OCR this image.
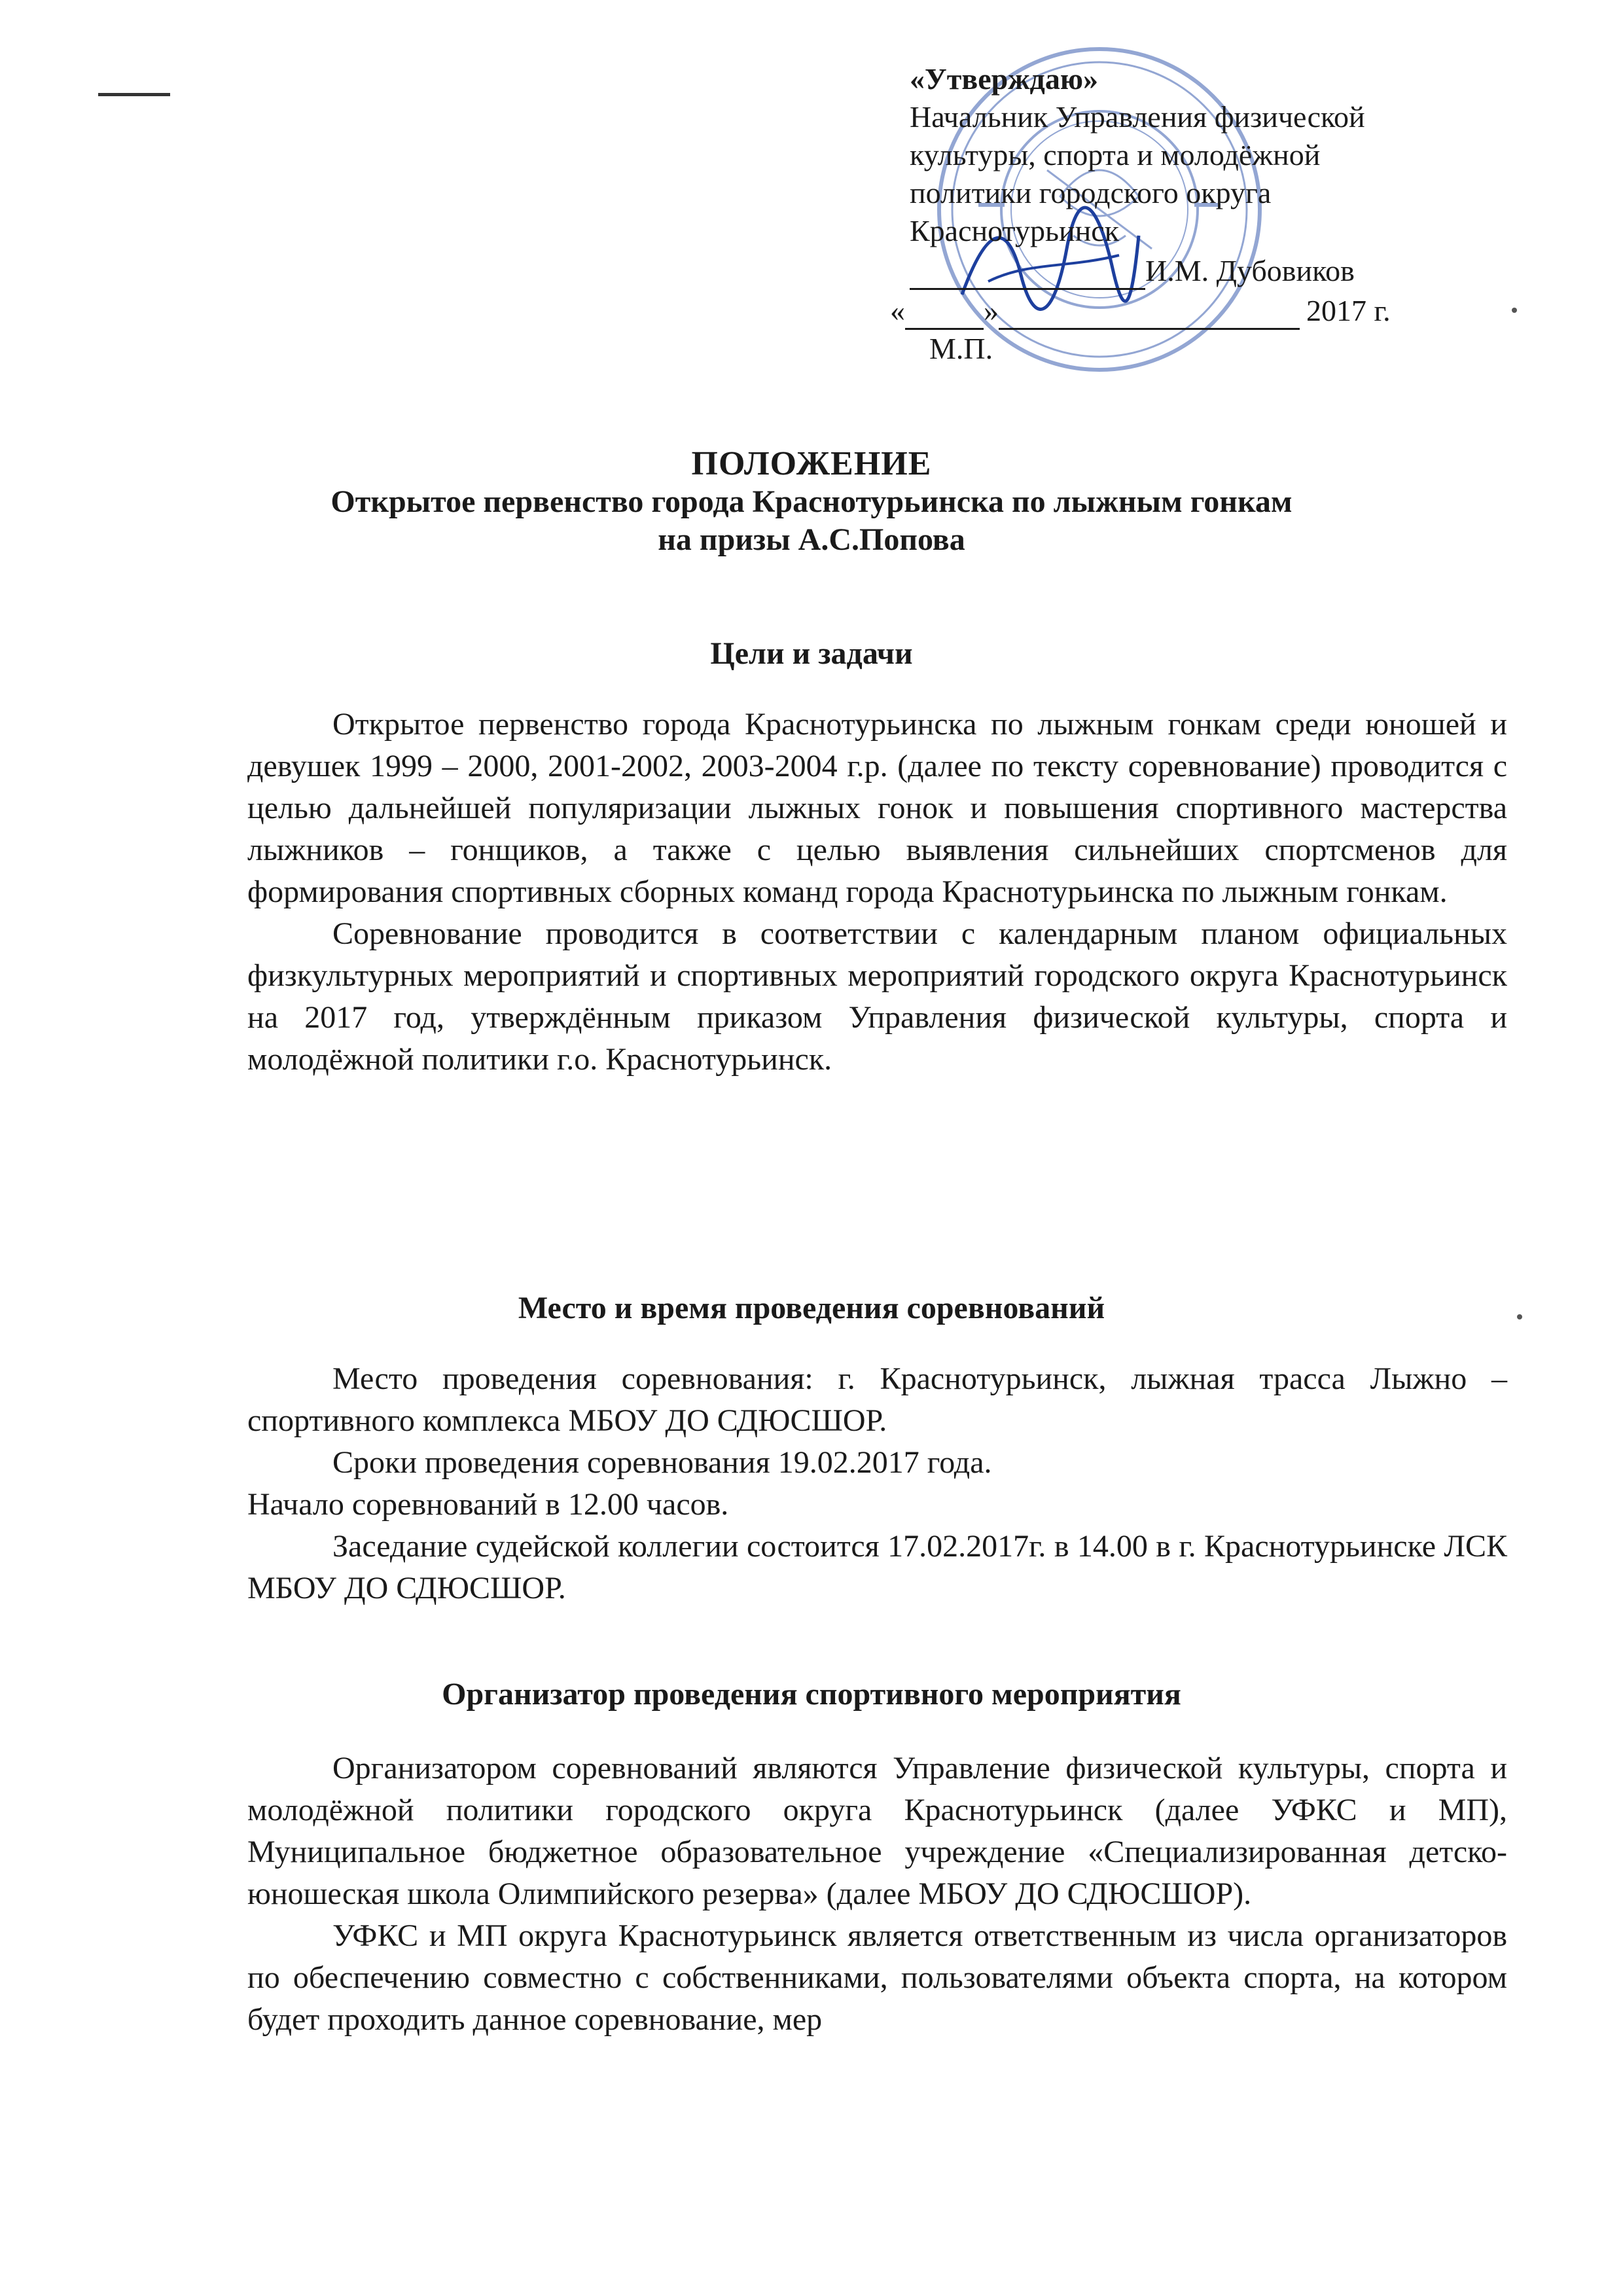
«Утверждаю»
Начальник Управления физической
культуры, спорта и молодёжной
политики городского округа
Краснотурьинск

И.М. Дубовиков
«
	»
	2017 г.
М.П.
ПОЛОЖЕНИЕ
Открытое первенство города Краснотурьинска по лыжным гонкам
на призы А.С.Попова
Цели и задачи

Открытое первенство города Краснотурьинска по лыжным гонкам среди юношей и девушек 1999 – 2000, 2001-2002, 2003-2004 г.р. (далее по тексту соревнование) проводится с целью дальнейшей популяризации лыжных гонок и повышения спортивного мастерства лыжников – гонщиков, а также с целью выявления сильнейших спортсменов для формирования спортивных сборных команд города Краснотурьинска по лыжным гонкам.

Соревнование проводится в соответствии с календарным планом официальных физкультурных мероприятий и спортивных мероприятий городского округа Краснотурьинск на 2017 год, утверждённым приказом Управления физической культуры, спорта и молодёжной политики г.о. Краснотурьинск.

Место и время проведения соревнований

Место проведения соревнования: г. Краснотурьинск, лыжная трасса Лыжно – спортивного комплекса МБОУ ДО СДЮСШОР.

Сроки проведения соревнования 19.02.2017 года.

Начало соревнований в 12.00 часов.

Заседание судейской коллегии состоится 17.02.2017г. в 14.00 в г. Краснотурьинске ЛСК МБОУ ДО СДЮСШОР.

Организатор проведения спортивного мероприятия

Организатором соревнований являются Управление физической культуры, спорта и молодёжной политики городского округа Краснотурьинск (далее УФКС и МП), Муниципальное бюджетное образовательное учреждение «Специализированная детско-юношеская школа Олимпийского резерва» (далее МБОУ ДО СДЮСШОР).

УФКС и МП округа Краснотурьинск является ответственным из числа организаторов по обеспечению совместно с собственниками, пользователями объекта спорта, на котором будет проходить данное соревнование, мер
